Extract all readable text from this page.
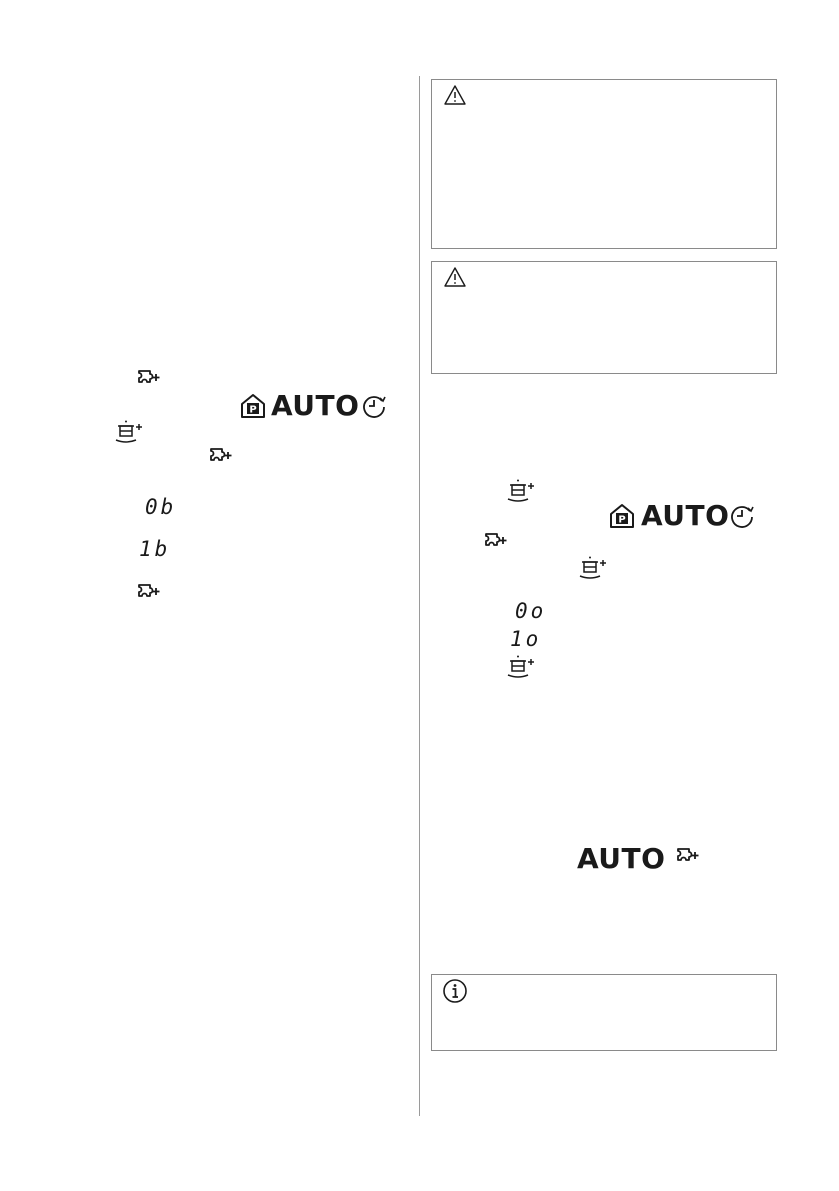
AUTO
0b
1b
AUTO
0o
1o
AUTO
